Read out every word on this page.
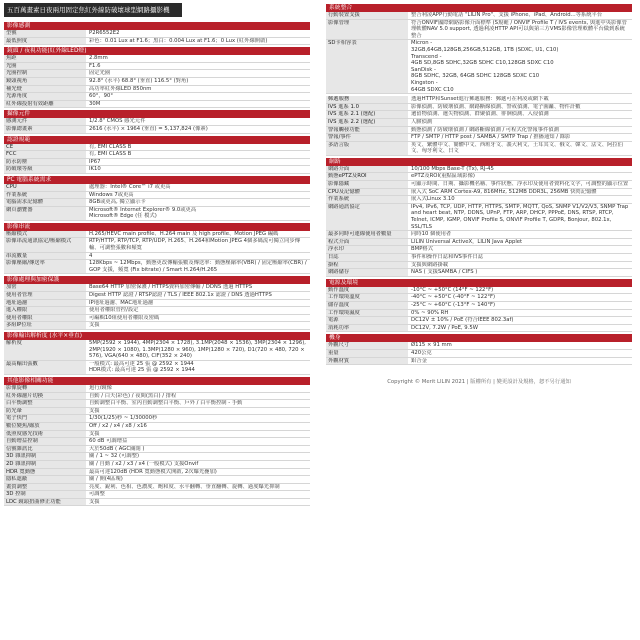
五百萬畫素日夜兩用固定焦紅外線防破壞球型網路攝影機
影像感測
型號	P2R6552E2
最低照度	彩色：0.01 Lux at F1.6；黑白：0.004 Lux at F1.6；0 Lux (紅外線開啟)
鏡頭 / 夜視功能(紅外線LED燈)
焦距	2.8mm
光圈	F1.6
光圈控制	固定光圈
鏡頭視角	92.8° (水平) 68.8° (垂直) 116.5° (對角)
補光燈	高功率紅外線LED 850nm
光源角度	60°，90°
紅外線投射有效距離	30M
攝像元件
感測元件	1/2.8" CMOS 感光元件
影像總畫素	2616 (水平) × 1964 (垂直) = 5,137,824 (像素)
認證規範
CE	有, EMI CLASS B
FCC	有, EMI CLASS B
防水防塵	IP67
防破壞等級	IK10
PC 電腦系統需求
CPU	處理器：Intel® Core™ i7 或更高
作業系統	Windows 7或更高
電腦需求記憶體	8GB或更高, 獨立顯示卡
網頁瀏覽器	Microsoft® Internet Explorer® 9.0或更高
Microsoft® Edge (任 模式)
影像串流
壓縮模式	H.265/HEVC main profile、H.264 main 及 high profile、Motion JPEG 編碼
影像串流通訊協定/壓縮模式	RTP/HTTP, RTP/TCP, RTP/UDP, H.265、H.264和Motion JPEG 4個多碼流可獨立同步傳輸、可調整張數和頻寬
串流數量	4
影像壓縮/傳送率	128Kbps ~ 12Mbps，動態更改傳輸張數及傳送率：動態壓縮率(VBR) / 固定壓縮率(CBR) / GOP 支援，頻寬 (Fix bitrate) / Smart H.264/H.265
影像處理與加密保護
加密	Base64 HTTP 加密保護 / HTTPS資料加密傳輸 / DDNS 透過 HTTPS
使用者管理	Digest HTTP 認證 / RTSP認證 / TLS / IEEE 802.1x 認證 / DNS 透過HTTPS
地址過濾	IP地址過濾、MAC地址過濾
進入權限	使用者權限管控/設定
使用者權限	可編輯10組使用者權限及密碼
多組IP位址	支援
影像輸出解析度 (水平×垂直)
解析度	5MP(2592 × 1944), 4MP(2304 × 1728), 3.1MP(2048 × 1536), 3MP(2304 × 1296), 2MP(1920 × 1080), 1.3MP(1280 × 960), 1MP(1280 × 720), D1(720 × 480, 720 × 576), VGA(640 × 480), CIF(352 × 240)
最高輸出張數	一般模式: 最高可達 25 張 @ 2592 × 1944
HDR模式: 最高可達 25 張 @ 2592 × 1944
其他影像相關功能
影像旋轉	迴行/鏡像
紅外線濾片切換	自動 / 白天(彩色) / 夜間(黑白) / 排程
白平衡調整	自動調整白平衡、室內自動調整白平衡、戶外 / 白平衡控制 - 手動
防光暈	支援
電子快門	1/30(1/25)秒 ~ 1/30000秒
數位變焦/縮放	Off / x2 / x4 / x8 / x16
低照度感光技術	支援
自動增益控制	60 dB 可調增益
信號雜訊比	大於50dB ( AGC關閉 )
3D 雜訊抑制	關 / 1 ~ 32 (可調整)
2D 雜訊抑制	關 / 自動 / x2 / x3 / x4 (一般模式) 支援Onvif
HDR 寬動態	最高可達120dB (HDR 寬動態模式開啟, 2次曝光疊加)
隱私遮蔽	關 / 開(4區塊)
畫質調整	亮度、銳利、色相、色濃度、飽和度、水平翻轉、垂直翻轉、旋轉、過度曝光抑制
3D 控制	可調整
LDC 鏡頭扭曲修正功能	支援
系統整合
行動裝置支援	整合利凌APP行動電話 "LILIN Pro"、支援 iPhone、iPad、Android...等系統平台
影像管理	符合ONVIF國際網路影像介面標準 (S規範 / ONVIF Profile T / IVS events, 與進中央影像管理軟體NAV 5.0 support, 透過利凌HTTP API可以與第三方VMS影像管理軟體平台做到系統整合
SD卡相容表	Micron -
32GB,64GB,128GB,256GB,512GB, 1TB (SDXC, U1, C10)
Transcend -
4GB SD,8GB SDHC,32GB SDHC C10,128GB SDXC C10
SanDisk -
8GB SDHC, 32GB, 64GB SDHC 128GB SDXC C10
Kingston -
64GB SDXC C10
郵遞服務	透過HTTP和Sunset進行郵遞服務：郵遞可在利凌或網下載
IVS 進系 1.0	影像偵測、防破壞偵測、網路斷線偵測、警戒偵測、電子圍籬、物件計數
IVS 進系 2.1 (選配)	遺留物偵測、遺失物偵測、群聚偵測、徘徊偵測、入侵偵測
IVS 進系 2.2 (選配)	人臉偵測
警報觸發功能	動態偵測 / 防破壞偵測 / 網路斷線偵測 / 可程式化警報事件偵測
警報/事件	FTP / SMTP / HTTP post / SAMBA / SMTP Trap / 推播通知 / 錄影
多語言版	英文、繁體中文、簡體中文、西班牙文、義大利文、土耳其文、俄文、韓文、法文、阿拉伯文、匈牙利文、日文
網路
網路介面	10/100 Mbps Base-T (Tx), RJ-45
動態ePTZ及ROI	ePTZ及ROI(重點區域影像)
影像隱藏	可顯示時間、日期、攝影機名稱、事件狀態、浮水印及使用者資料化文字，可調整的顯示位置
CPU及記憶體	嵌入式 SoC ARM Cortex-A9, 816MHz, 512MB DDR3L, 256MB 快閃記憶體
作業系統	嵌入式Linux 3.10
網路通訊協定	IPv4, IPv6, TCP, UDP, HTTP, HTTPS, SMTP, MQTT, QoS, SNMP V1/V2/V3, SNMP Trap and heart beat, NTP, DDNS, UPnP, FTP, ARP, DHCP, PPPoE, DNS, RTSP, RTCP, Telnet, ICMP, IGMP, ONVIF Profile S, ONVIF Profile T, GDPR, Bonjour, 802.1x, SSL/TLS
最多同時可連線使用者數量	同時10 個使用者
程式介面	LILIN Universal ActiveX，LILIN Java Applet
浮水印	BMP格式
日誌	事件和操作日誌和IVS事件日誌
掛程	支援與網路掛載
網路儲存	NAS ( 支援SAMBA / CIFS )
電源及環境
動作溫度	-10°C ~ +50°C (14°F ~ 122°F)
工作環境溫度	-40°C ~ +50°C (-40°F ~ 122°F)
儲存溫度	-25°C ~ +60°C (-13°F ~ 140°F)
工作環境濕度	0% ~ 90% RH
電源	DC12V ± 10% / PoE (符合IEEE 802.3af)
消耗功率	DC12V, 7.2W / PoE, 9.5W
機身
外觀尺寸	Ø115 × 91 mm
重量	420公克
外觀材質	鋁合金
Copyright © Merit LILIN 2021 | 版權所有 | 變更設計及規格，恕不另行通知
